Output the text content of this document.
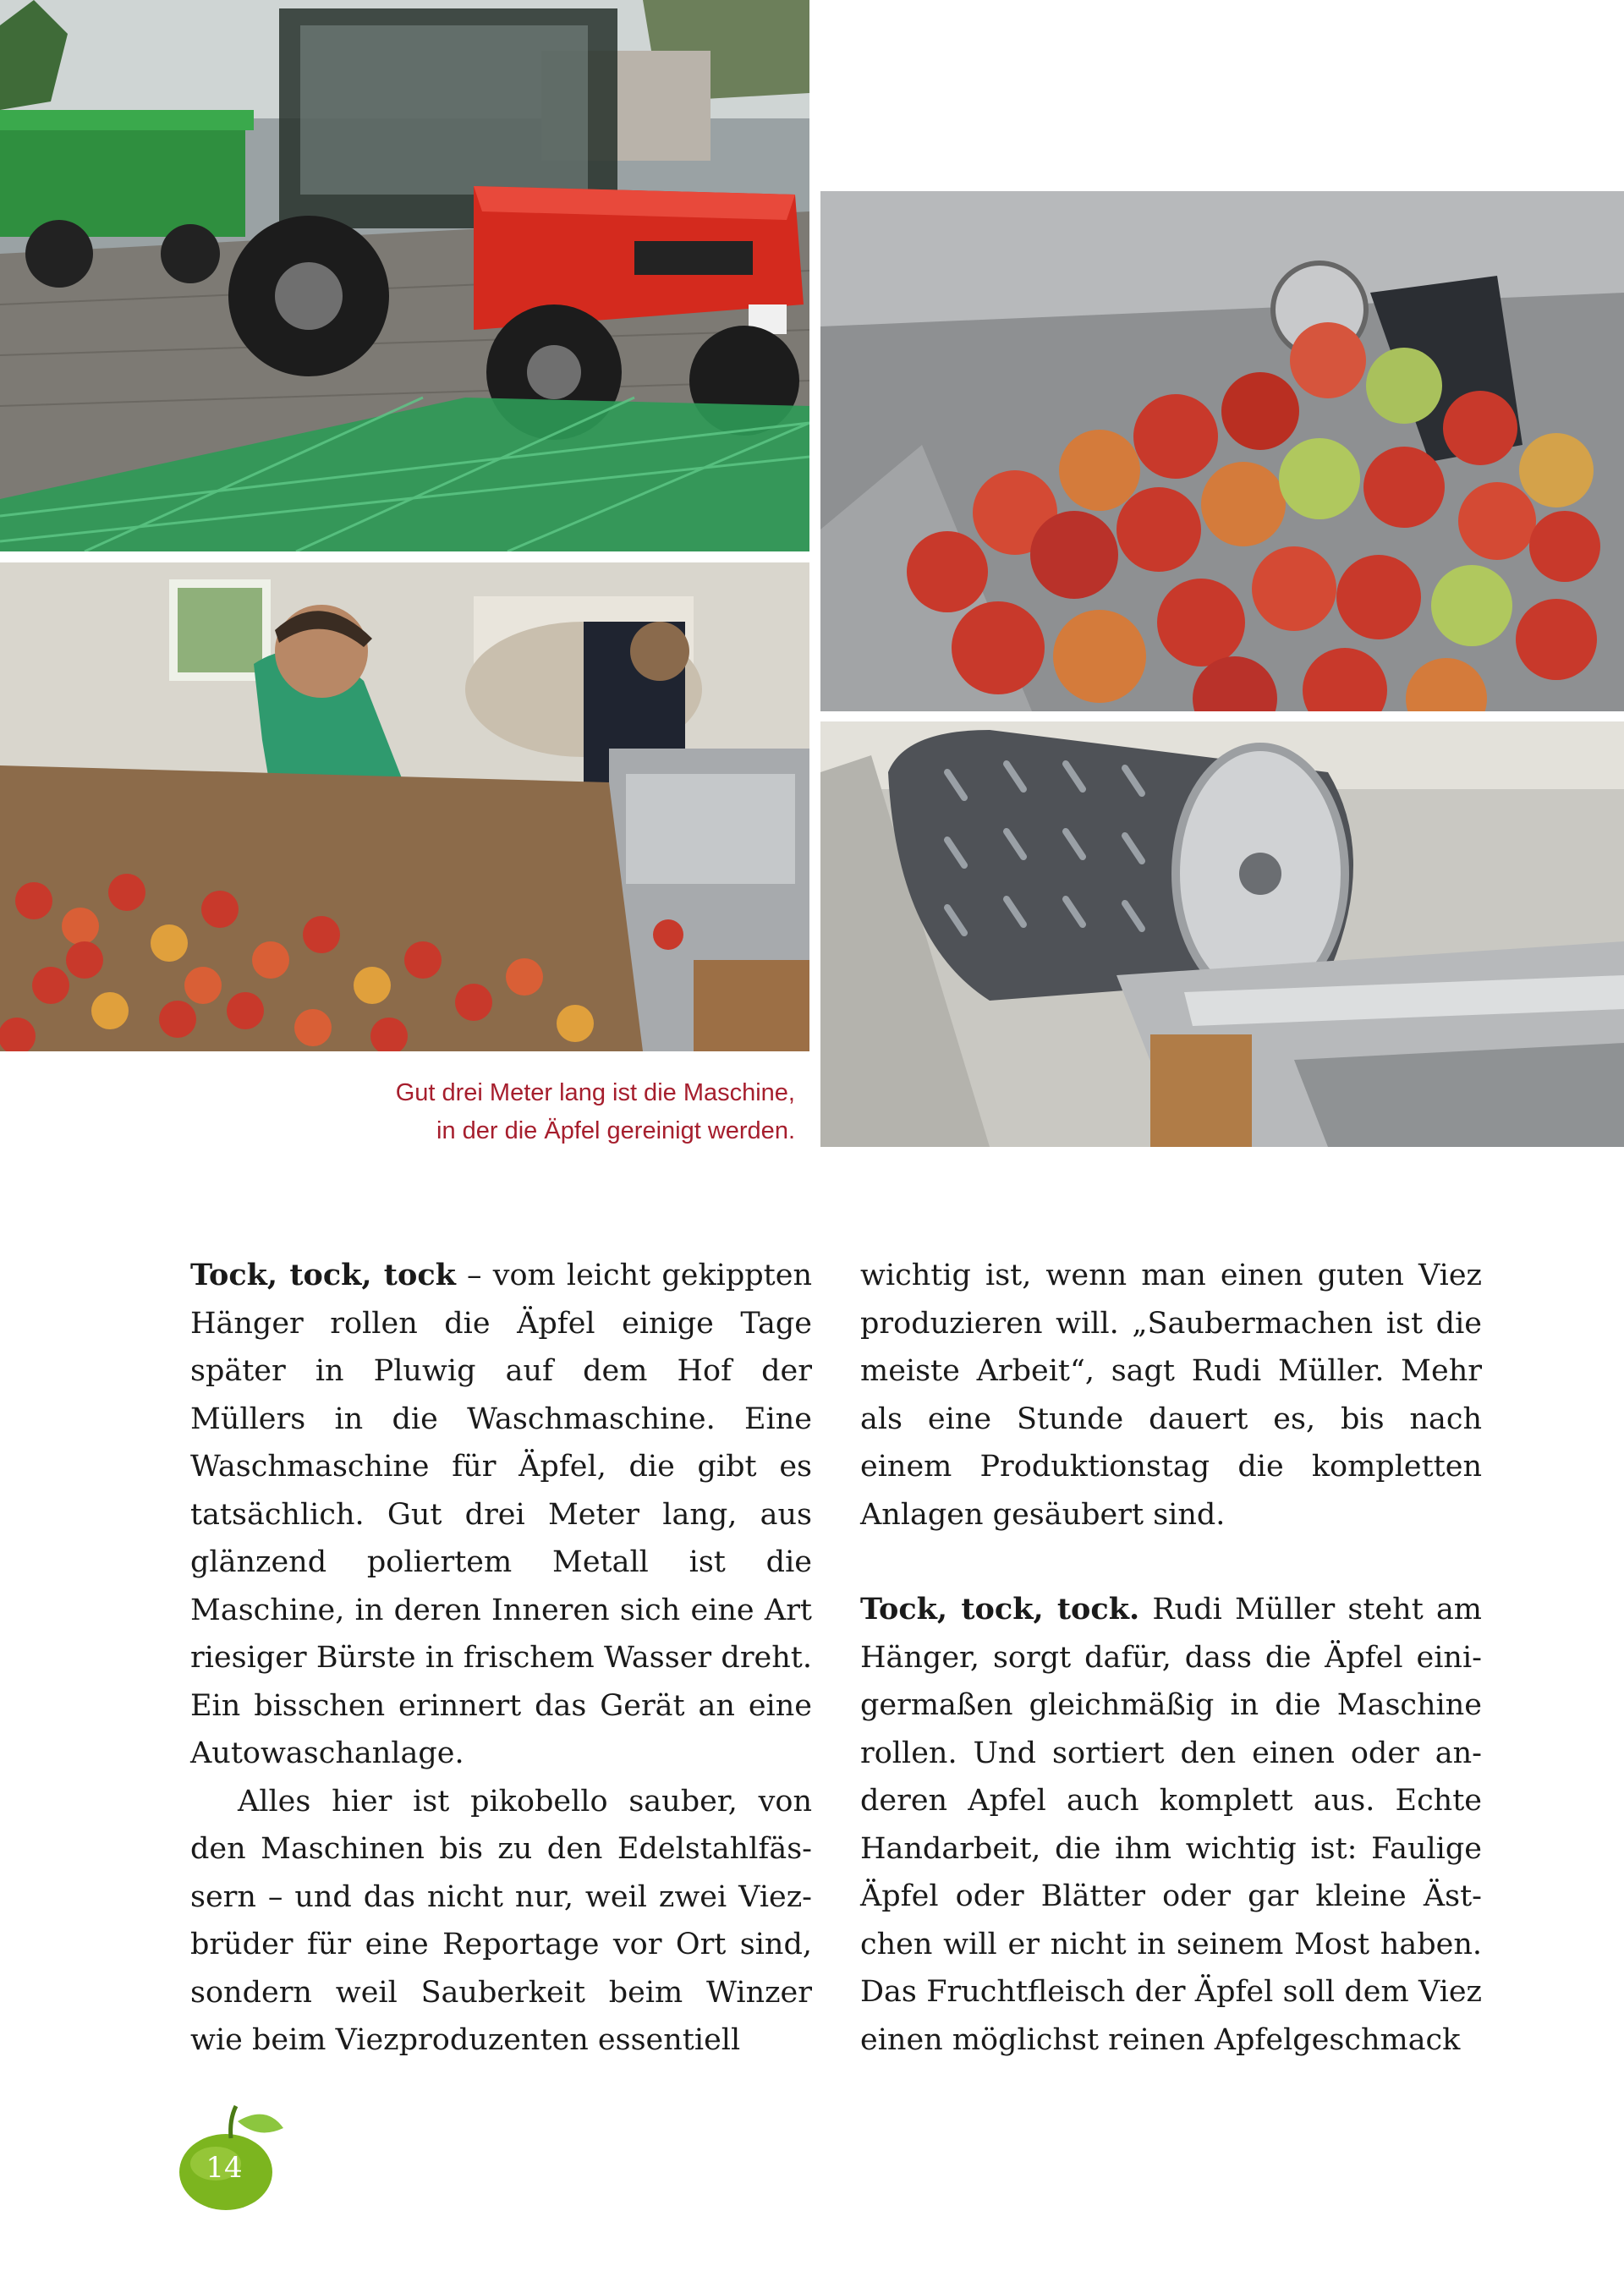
Gut drei Meter lang ist die Maschine,
in der die Äpfel gereinigt werden.

Tock, tock, tock – vom leicht gekippten Hänger rollen die Äpfel einige Tage später in Pluwig auf dem Hof der Müllers in die Waschmaschine. Eine Waschmaschine für Äpfel, die gibt es tatsächlich. Gut drei Meter lang, aus glänzend poliertem Metall ist die Maschine, in deren Inneren sich eine Art riesiger Bürste in frischem Wasser dreht. Ein bisschen erinnert das Gerät an eine Autowaschanlage.

Alles hier ist pikobello sauber, von den Maschinen bis zu den Edelstahlfässern – und das nicht nur, weil zwei Viezbrüder für eine Reportage vor Ort sind, sondern weil Sauberkeit beim Winzer wie beim Viezproduzenten essentiell

wichtig ist, wenn man einen guten Viez produzieren will. „Saubermachen ist die meiste Arbeit“, sagt Rudi Müller. Mehr als eine Stunde dauert es, bis nach einem Produktionstag die kompletten Anlagen gesäubert sind.

Tock, tock, tock. Rudi Müller steht am Hänger, sorgt dafür, dass die Äpfel einigermaßen gleichmäßig in die Maschine rollen. Und sortiert den einen oder anderen Apfel auch komplett aus. Echte Handarbeit, die ihm wichtig ist: Faulige Äpfel oder Blätter oder gar kleine Ästchen will er nicht in seinem Most haben. Das Fruchtfleisch der Äpfel soll dem Viez einen möglichst reinen Apfelgeschmack

14
